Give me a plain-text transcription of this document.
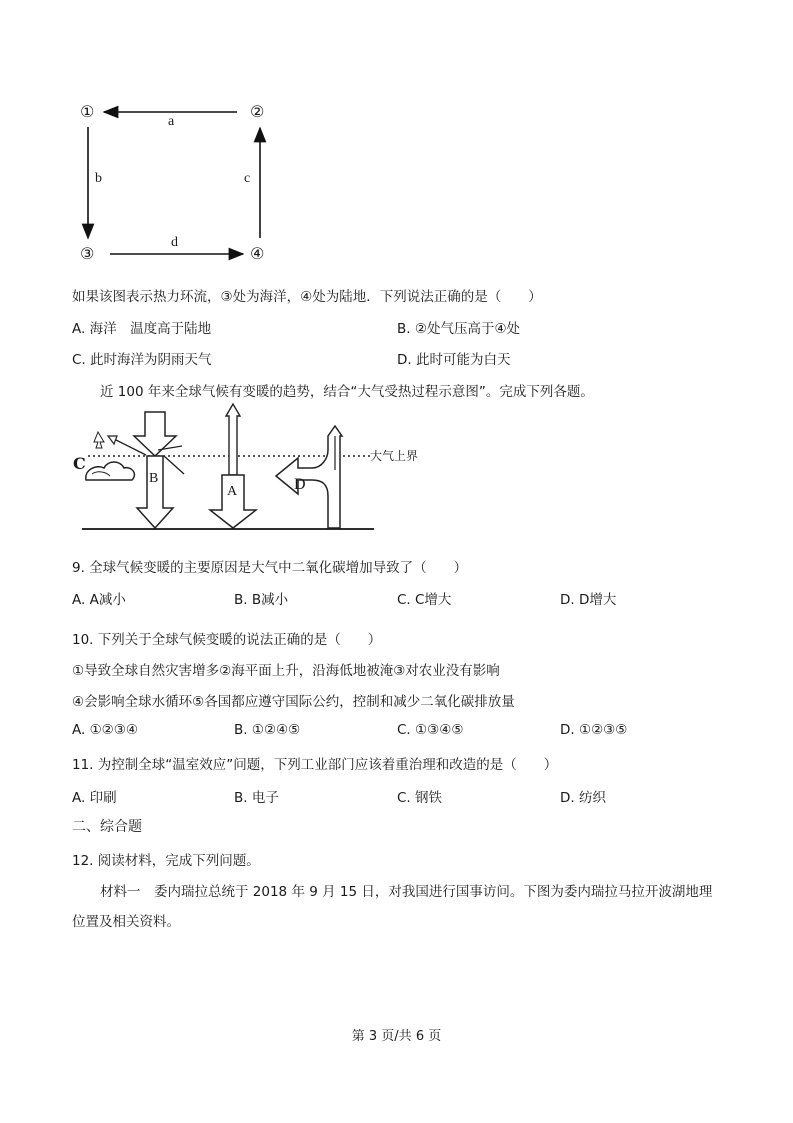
①	②
③	④
a
b	c
d
如果该图表示热力环流，③处为海洋，④处为陆地．下列说法正确的是（　　）
A. 海洋　温度高于陆地	B. ②处气压高于④处
C. 此时海洋为阴雨天气	D. 此时可能为白天
近 100 年来全球气候有变暖的趋势，结合“大气受热过程示意图”。完成下列各题。
C
B
A	D
大气上界
9. 全球气候变暖的主要原因是大气中二氧化碳增加导致了（　　）
A. A减小	B. B减小	C. C增大	D. D增大
10. 下列关于全球气候变暖的说法正确的是（　　）
①导致全球自然灾害增多②海平面上升，沿海低地被淹③对农业没有影响
④会影响全球水循环⑤各国都应遵守国际公约，控制和减少二氧化碳排放量
A. ①②③④	B. ①②④⑤	C. ①③④⑤	D. ①②③⑤
11. 为控制全球“温室效应”问题，下列工业部门应该着重治理和改造的是（　　）
A. 印刷	B. 电子	C. 钢铁	D. 纺织
二、综合题
12. 阅读材料，完成下列问题。
材料一　委内瑞拉总统于 2018 年 9 月 15 日，对我国进行国事访问。下图为委内瑞拉马拉开波湖地理
位置及相关资料。
第 3 页/共 6 页
